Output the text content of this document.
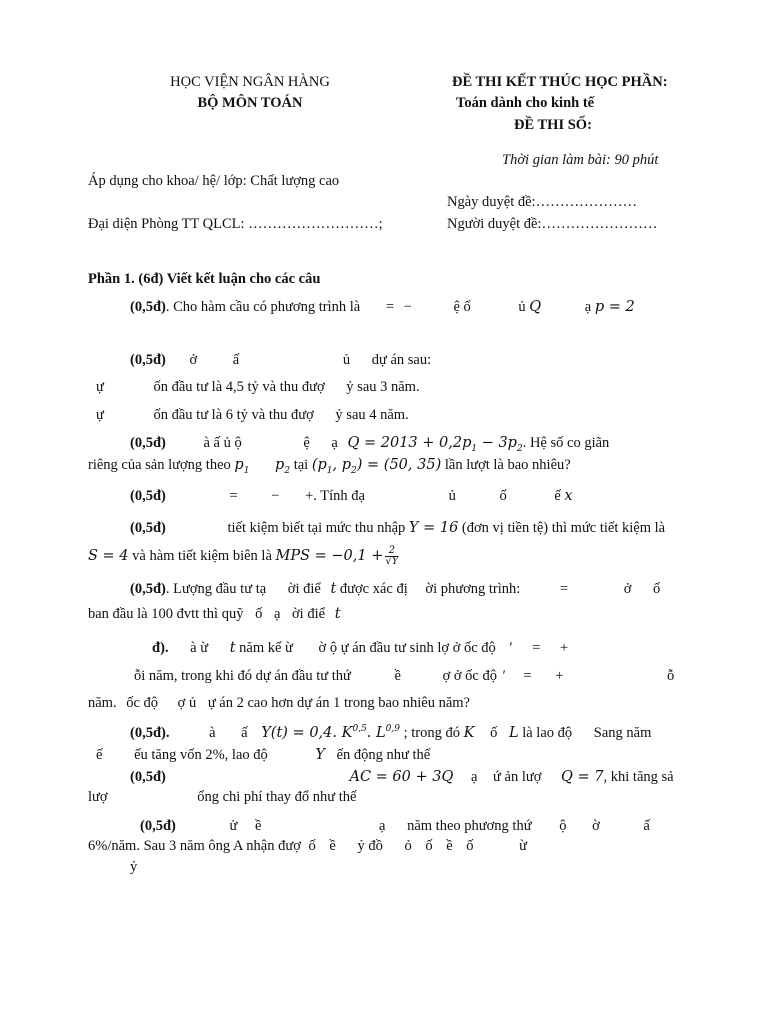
HỌC VIỆN NGÂN HÀNG
BỘ MÔN TOÁN
ĐỀ THI KẾT THÚC HỌC PHẦN:
Toán dành cho kinh tế
ĐỀ THI SỐ:
Thời gian làm bài: 90 phút
Áp dụng cho khoa/ hệ/ lớp: Chất lượng cao
Ngày duyệt đề:…………………
Đại diện Phòng TT QLCL: ………………………;	Người duyệt đề:……………………
Phần 1. (6đ) Viết kết luận cho các câu
(0,5đ). Cho hàm cầu có phương trình là = −	ệ ố	ủ Q	ạ p = 2
(0,5đ) ở ấ	ủ dự án sau:
ự	ốn đầu tư là 4,5 tỷ và thu đượ ỷ sau 3 năm.
ự	ốn đầu tư là 6 tỷ và thu đượ ỷ sau 4 năm.
(0,5đ)	à ấ ủ ộ	ệ ạ $Q = 2013 + 0,2p_1 - 3p_2$. Hệ số co giãn
riêng của sản lượng theo $p_1$ $p_2$ tại ($p_1$, $p_2) = (50$, 35) lần lượt là bao nhiêu?
(0,5đ)	= − +. Tính đạ	ủ	ố	ế x
(0,5đ)	tiết kiệm biết tại mức thu nhập Y = 16 (đơn vị tiền tệ) thì mức tiết kiệm là
S = 4 và hàm tiết kiệm biên là MPS = $-0,1 + \frac{2}{√Y}$
(0,5đ). Lượng đầu tư tạ ời điể t được xác đị ời phương trình:	=	ở ố
ban đầu là 100 đvtt thì quỹ ố ạ ời điể t
đ). à ừ t năm kể ừ ờ ộ ự án đầu tư sinh lợ ở ốc độ ′ = +
ỗi năm, trong khi đó dự án đầu tư thứ	ề	ợ ở ốc độ ′ = +	ỗ
năm. ốc độ ợ ủ ự án 2 cao hơn dự án 1 trong bao nhiêu năm?
(0,5đ).	à ấ Y(t) = 0,4. K$^{0,5}$. L$^{0,9}$ ; trong đó K ố L là lao độ Sang năm
ế ếu tăng vốn 2%, lao độ	Y ến động như thế
(0,5đ)	AC = 60 + 3Q ạ ứ ản lượ Q = 7, khi tăng sả
lượ	ổng chi phí thay đổ như thế
(0,5đ)	ử ề	ạ năm theo phương thứ ộ ờ	ấ
6%/năm. Sau 3 năm ông A nhận đượ ố ề ỷ đồ ỏ ố ề ố	ừ
ỷ
